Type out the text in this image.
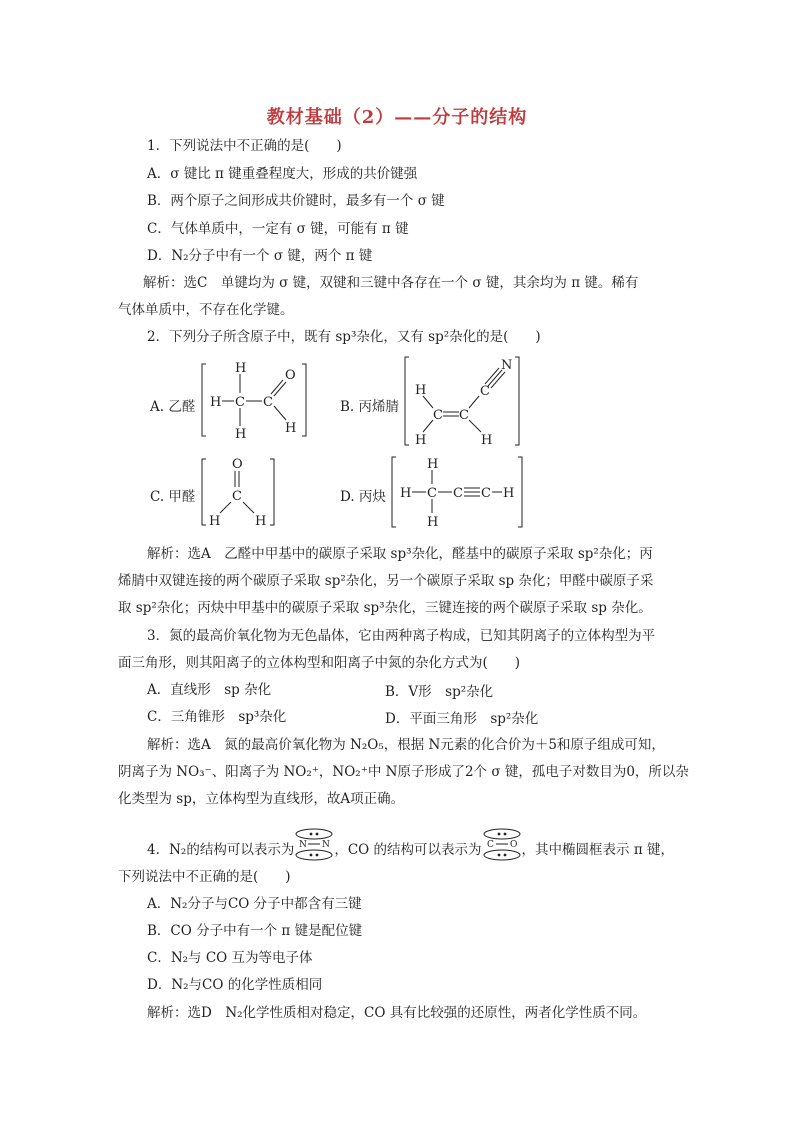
教材基础（2）——分子的结构
1．下列说法中不正确的是(　　)
A．σ 键比 π 键重叠程度大，形成的共价键强
B．两个原子之间形成共价键时，最多有一个 σ 键
C．气体单质中，一定有 σ 键，可能有 π 键
D．N₂分子中有一个 σ 键，两个 π 键
解析：选C　单键均为 σ 键，双键和三键中各存在一个 σ 键，其余均为 π 键。稀有
气体单质中，不存在化学键。
2．下列分子所含原子中，既有 sp³杂化，又有 sp²杂化的是(　　)
A. 乙醛	B. 丙烯腈
C. 甲醛	D. 丙炔
H C
H
H
C
O
H
H
C C
C
N
H	H
O
C
H	H
H C
H
H
C C H
解析：选A　乙醛中甲基中的碳原子采取 sp³杂化，醛基中的碳原子采取 sp²杂化；丙
烯腈中双键连接的两个碳原子采取 sp²杂化，另一个碳原子采取 sp 杂化；甲醛中碳原子采
取 sp²杂化；丙炔中甲基中的碳原子采取 sp³杂化，三键连接的两个碳原子采取 sp 杂化。
3．氮的最高价氧化物为无色晶体，它由两种离子构成，已知其阴离子的立体构型为平
面三角形，则其阳离子的立体构型和阳离子中氮的杂化方式为(　　)
A．直线形　sp 杂化	B．V形　sp²杂化
C．三角锥形　sp³杂化	D．平面三角形　sp²杂化
解析：选A　氮的最高价氧化物为 N₂O₅，根据 N元素的化合价为＋5和原子组成可知，
阴离子为 NO₃⁻、阳离子为 NO₂⁺，NO₂⁺中 N原子形成了2个 σ 键，孤电子对数目为0，所以杂
化类型为 sp，立体构型为直线形，故A项正确。
4．N₂的结构可以表示为 N N ，CO 的结构可以表示为 C O ，其中椭圆框表示 π 键，
下列说法中不正确的是(　　)
A．N₂分子与CO 分子中都含有三键
B．CO 分子中有一个 π 键是配位键
C．N₂与 CO 互为等电子体
D．N₂与CO 的化学性质相同
解析：选D　N₂化学性质相对稳定，CO 具有比较强的还原性，两者化学性质不同。
